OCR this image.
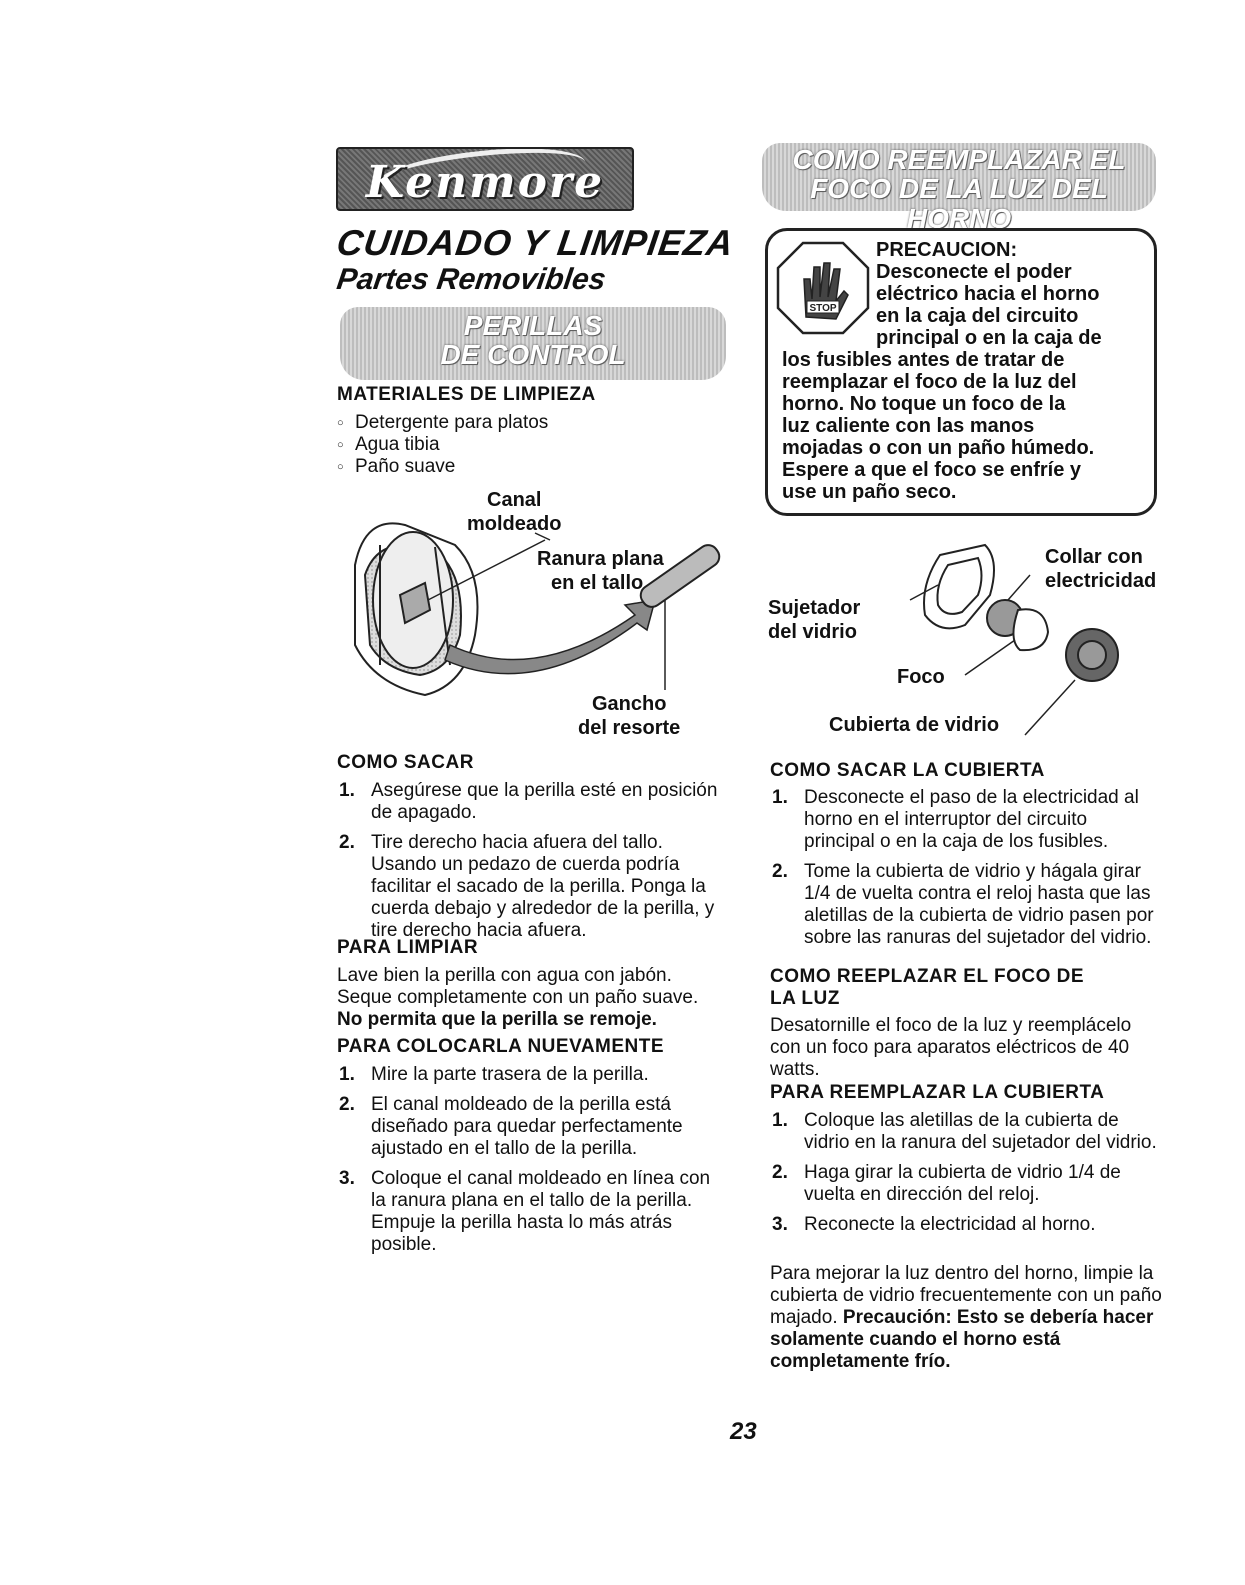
Kenmore	.
CUIDADO Y LIMPIEZA
Partes Removibles
PERILLAS
DE CONTROL
MATERIALES DE LIMPIEZA
○ Detergente para platos
○ Agua tibia
○ Paño suave
Canal
moldeado
Ranura plana
en el tallo
Gancho
del resorte
COMO SACAR
1. Asegúrese que la perilla esté en posición de apagado.
2. Tire derecho hacia afuera del tallo. Usando un pedazo de cuerda podría facilitar el sacado de la perilla. Ponga la cuerda debajo y alrededor de la perilla, y tire derecho hacia afuera.
PARA LIMPIAR
Lave bien la perilla con agua con jabón. Seque completamente con un paño suave. No permita que la perilla se remoje.
PARA COLOCARLA NUEVAMENTE
1. Mire la parte trasera de la perilla.
2. El canal moldeado de la perilla está diseñado para quedar perfectamente ajustado en el tallo de la perilla.
3. Coloque el canal moldeado en línea con la ranura plana en el tallo de la perilla. Empuje la perilla hasta lo más atrás posible.
COMO REEMPLAZAR EL
FOCO DE LA LUZ DEL HORNO
STOP
PRECAUCION:
Desconecte el poder
eléctrico hacia el horno
en la caja del circuito
principal o en la caja de
los fusibles antes de tratar de
reemplazar el foco de la luz del
horno. No toque un foco de la
luz caliente con las manos
mojadas o con un paño húmedo.
Espere a que el foco se enfríe y
use un paño seco.
Collar con
electricidad
Sujetador
del vidrio
Foco
Cubierta de vidrio
COMO SACAR LA CUBIERTA
1. Desconecte el paso de la electricidad al horno en el interruptor del circuito principal o en la caja de los fusibles.
2. Tome la cubierta de vidrio y hágala girar 1/4 de vuelta contra el reloj hasta que las aletillas de la cubierta de vidrio pasen por sobre las ranuras del sujetador del vidrio.
COMO REEPLAZAR EL FOCO DE
LA LUZ
Desatornille el foco de la luz y reemplácelo con un foco para aparatos eléctricos de 40 watts.
PARA REEMPLAZAR LA CUBIERTA
1. Coloque las aletillas de la cubierta de vidrio en la ranura del sujetador del vidrio.
2. Haga girar la cubierta de vidrio 1/4 de vuelta en dirección del reloj.
3. Reconecte la electricidad al horno.
Para mejorar la luz dentro del horno, limpie la cubierta de vidrio frecuentemente con un paño majado. Precaución: Esto se debería hacer solamente cuando el horno está completamente frío.
23
